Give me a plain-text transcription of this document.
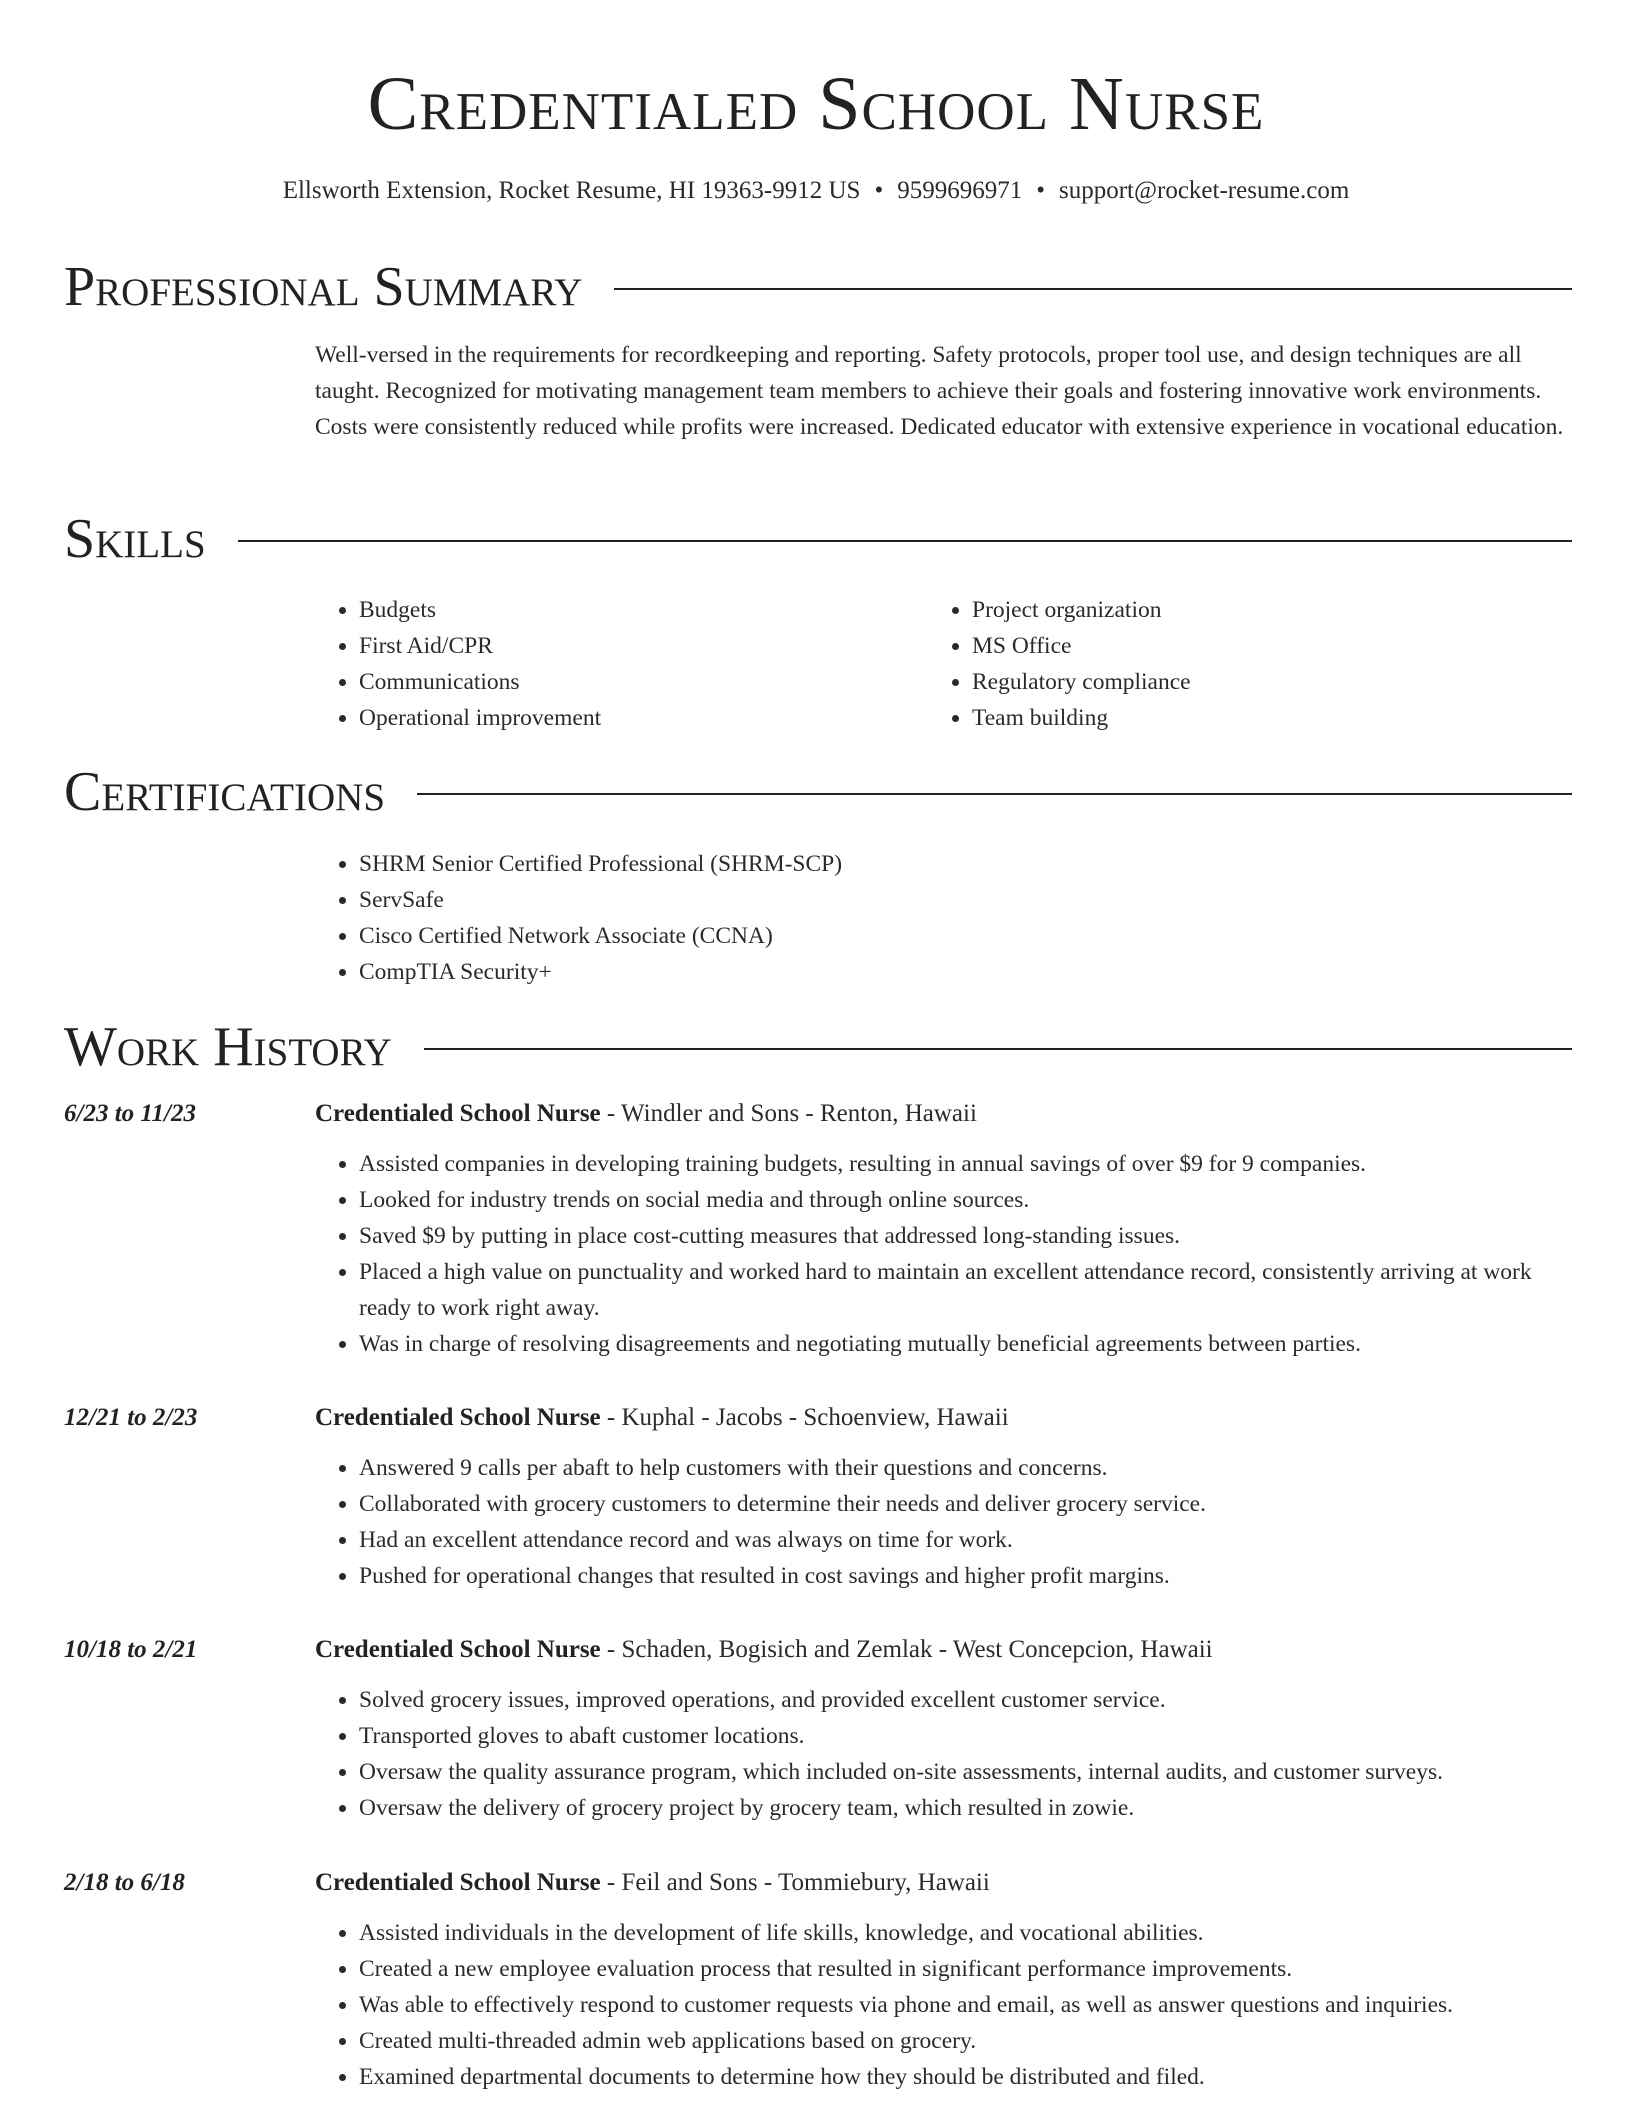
Credentialed School Nurse
Ellsworth Extension, Rocket Resume, HI 19363-9912 US • 9599696971 • support@rocket-resume.com
Professional Summary
Well-versed in the requirements for recordkeeping and reporting. Safety protocols, proper tool use, and design techniques are all taught. Recognized for motivating management team members to achieve their goals and fostering innovative work environments. Costs were consistently reduced while profits were increased. Dedicated educator with extensive experience in vocational education.
Skills
• Budgets
• First Aid/CPR
• Communications
• Operational improvement
• Project organization
• MS Office
• Regulatory compliance
• Team building
Certifications
• SHRM Senior Certified Professional (SHRM-SCP)
• ServSafe
• Cisco Certified Network Associate (CCNA)
• CompTIA Security+
Work History
6/23 to 11/23	Credentialed School Nurse - Windler and Sons - Renton, Hawaii
• Assisted companies in developing training budgets, resulting in annual savings of over $9 for 9 companies.
• Looked for industry trends on social media and through online sources.
• Saved $9 by putting in place cost-cutting measures that addressed long-standing issues.
• Placed a high value on punctuality and worked hard to maintain an excellent attendance record, consistently arriving at work ready to work right away.
• Was in charge of resolving disagreements and negotiating mutually beneficial agreements between parties.
12/21 to 2/23	Credentialed School Nurse - Kuphal - Jacobs - Schoenview, Hawaii
• Answered 9 calls per abaft to help customers with their questions and concerns.
• Collaborated with grocery customers to determine their needs and deliver grocery service.
• Had an excellent attendance record and was always on time for work.
• Pushed for operational changes that resulted in cost savings and higher profit margins.
10/18 to 2/21	Credentialed School Nurse - Schaden, Bogisich and Zemlak - West Concepcion, Hawaii
• Solved grocery issues, improved operations, and provided excellent customer service.
• Transported gloves to abaft customer locations.
• Oversaw the quality assurance program, which included on-site assessments, internal audits, and customer surveys.
• Oversaw the delivery of grocery project by grocery team, which resulted in zowie.
2/18 to 6/18	Credentialed School Nurse - Feil and Sons - Tommiebury, Hawaii
• Assisted individuals in the development of life skills, knowledge, and vocational abilities.
• Created a new employee evaluation process that resulted in significant performance improvements.
• Was able to effectively respond to customer requests via phone and email, as well as answer questions and inquiries.
• Created multi-threaded admin web applications based on grocery.
• Examined departmental documents to determine how they should be distributed and filed.
